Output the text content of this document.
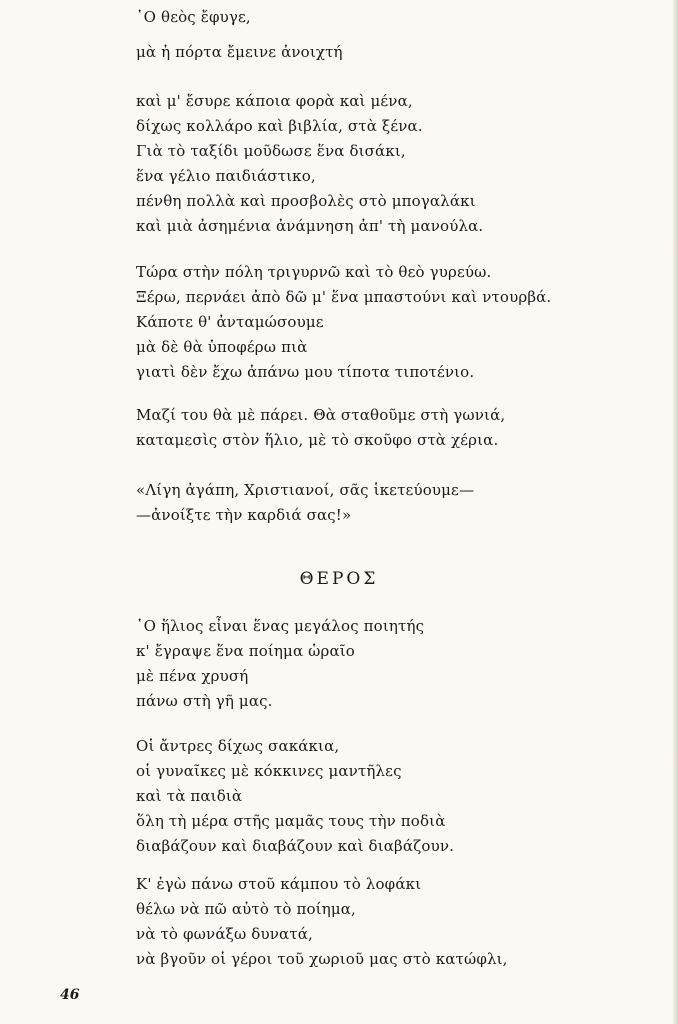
῾Ο θεὸς ἔφυγε,
μὰ ἡ πόρτα ἔμεινε ἀνοιχτή
καὶ μ' ἔσυρε κάποια φορὰ καὶ μένα,
δίχως κολλάρο καὶ βιβλία, στὰ ξένα.
Γιὰ τὸ ταξίδι μοῦδωσε ἕνα δισάκι,
ἕνα γέλιο παιδιάστικο,
πένθη πολλὰ καὶ προσβολὲς στὸ μπογαλάκι
καὶ μιὰ ἀσημένια ἀνάμνηση ἀπ' τὴ μανούλα.
Τώρα στὴν πόλη τριγυρνῶ καὶ τὸ θεὸ γυρεύω.
Ξέρω, περνάει ἀπὸ δῶ μ' ἕνα μπαστούνι καὶ ντουρβά.
Κάποτε θ' ἀνταμώσουμε
μὰ δὲ θὰ ὑποφέρω πιὰ
γιατὶ δὲν ἔχω ἀπάνω μου τίποτα τιποτένιο.
Μαζί του θὰ μὲ πάρει. Θὰ σταθοῦμε στὴ γωνιά,
καταμεσὶς στὸν ἥλιο, μὲ τὸ σκοῦφο στὰ χέρια.
«Λίγη ἀγάπη, Χριστιανοί, σᾶς ἱκετεύουμε—
—ἀνοίξτε τὴν καρδιά σας!»
ΘΕΡΟΣ
῾Ο ἥλιος εἶναι ἕνας μεγάλος ποιητής
κ' ἔγραψε ἕνα ποίημα ὡραῖο
μὲ πένα χρυσή
πάνω στὴ γῆ μας.
Οἱ ἄντρες δίχως σακάκια,
οἱ γυναῖκες μὲ κόκκινες μαντῆλες
καὶ τὰ παιδιὰ
ὅλη τὴ μέρα στῆς μαμᾶς τους τὴν ποδιὰ
διαβάζουν καὶ διαβάζουν καὶ διαβάζουν.
Κ' ἐγὼ πάνω στοῦ κάμπου τὸ λοφάκι
θέλω νὰ πῶ αὐτὸ τὸ ποίημα,
νὰ τὸ φωνάξω δυνατά,
νὰ βγοῦν οἱ γέροι τοῦ χωριοῦ μας στὸ κατώφλι,
46
